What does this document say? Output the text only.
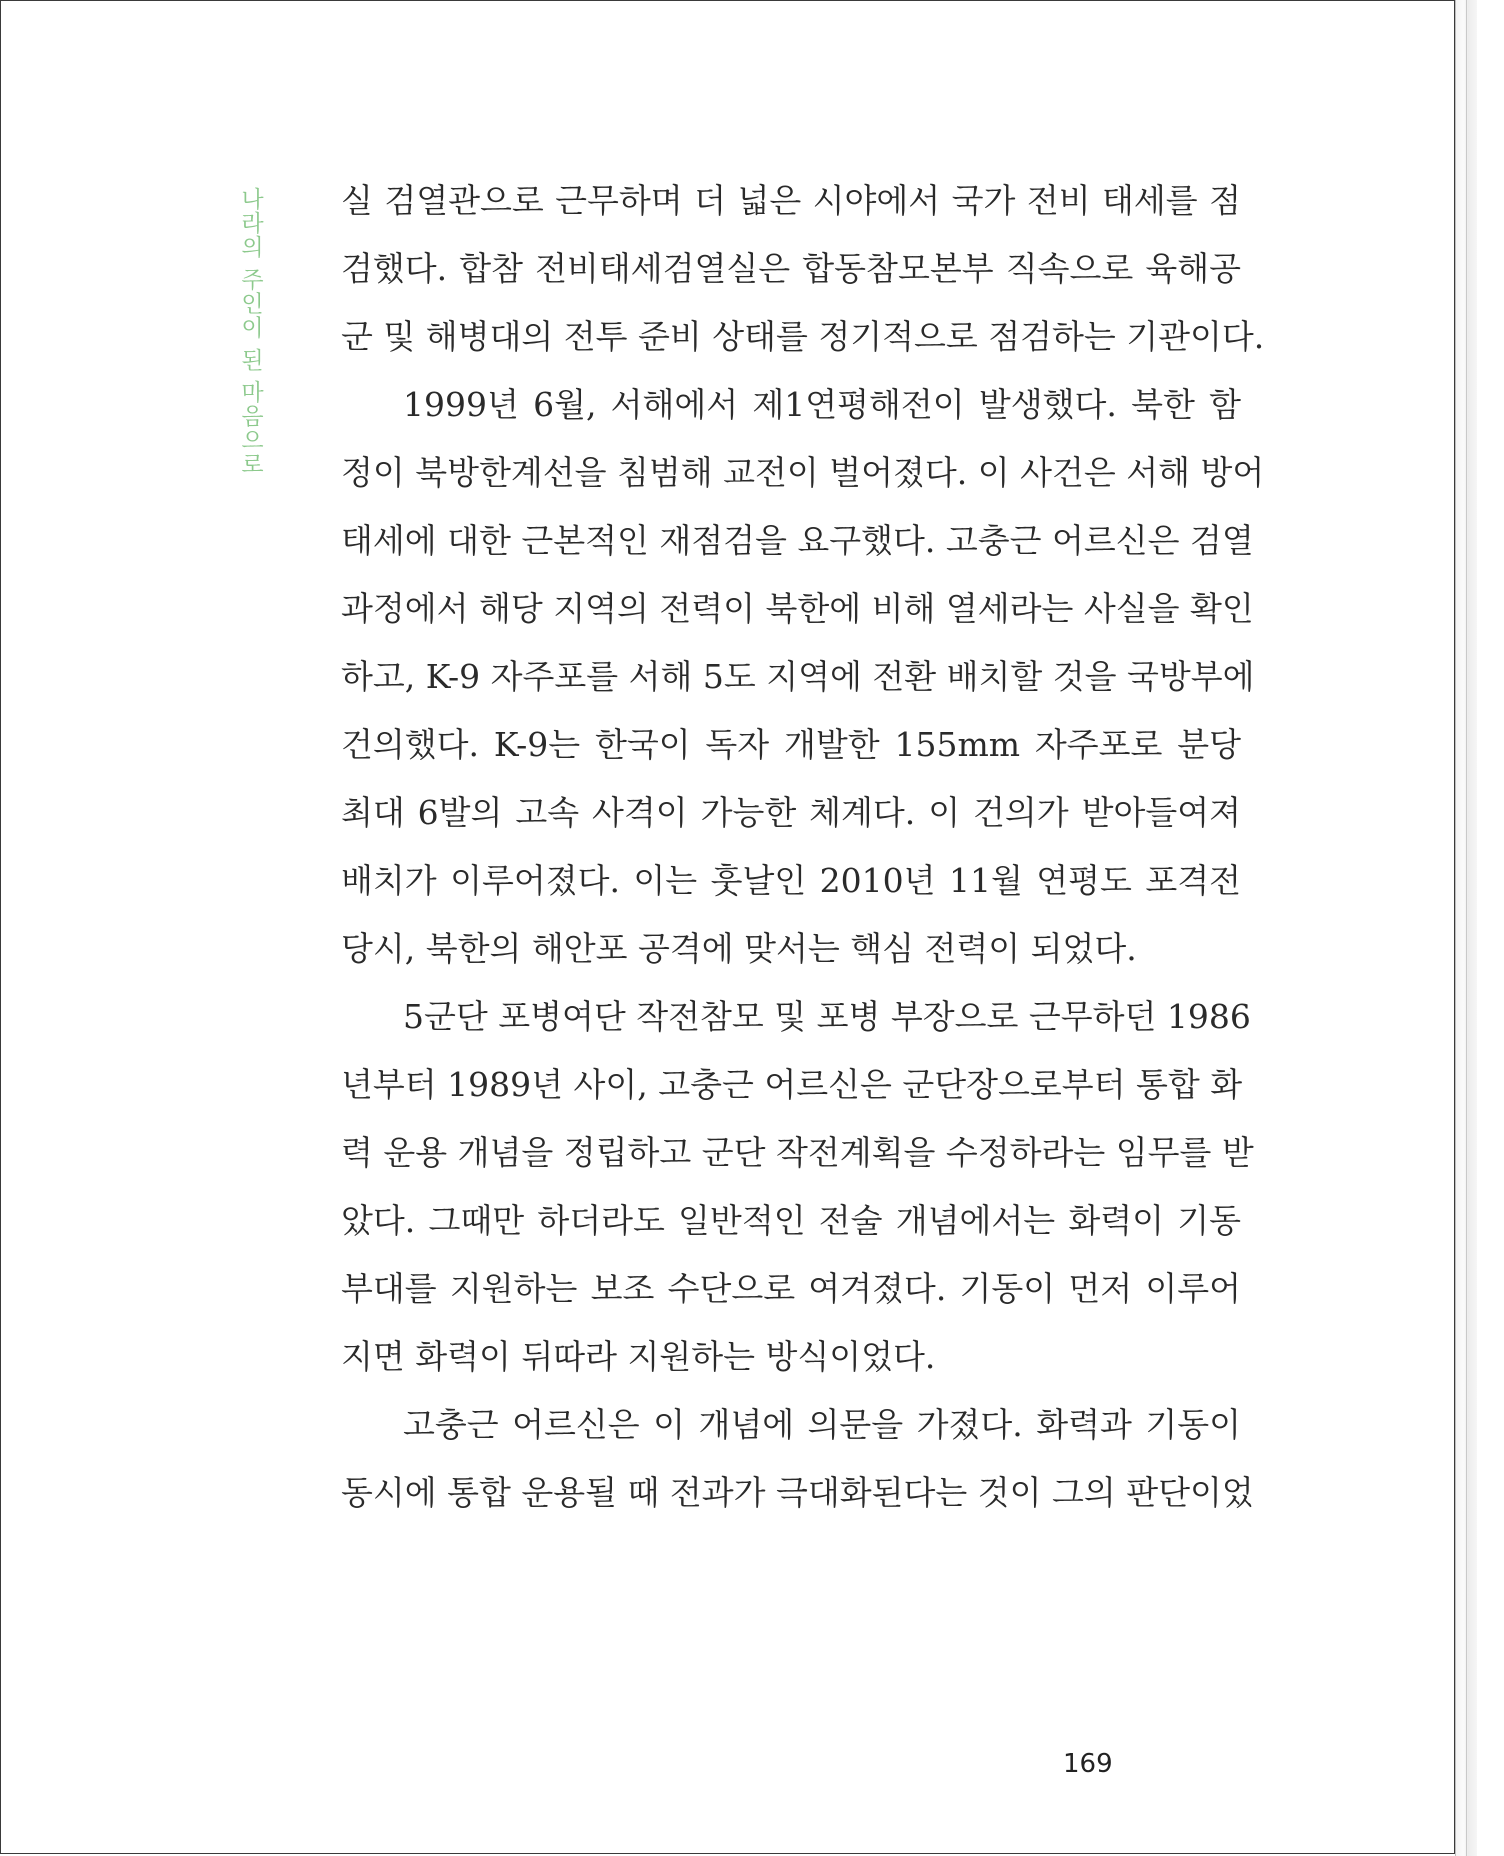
나라의 주인이 된 마음으로 실 검열관으로 근무하며 더 넓은 시야에서 국가 전비 태세를 점
검했다. 합참 전비태세검열실은 합동참모본부 직속으로 육해공
군 및 해병대의 전투 준비 상태를 정기적으로 점검하는 기관이다.
1999년 6월, 서해에서 제1연평해전이 발생했다. 북한 함
정이 북방한계선을 침범해 교전이 벌어졌다. 이 사건은 서해 방어
태세에 대한 근본적인 재점검을 요구했다. 고충근 어르신은 검열
과정에서 해당 지역의 전력이 북한에 비해 열세라는 사실을 확인
하고, K-9 자주포를 서해 5도 지역에 전환 배치할 것을 국방부에
건의했다. K-9는 한국이 독자 개발한 155mm 자주포로 분당
최대 6발의 고속 사격이 가능한 체계다. 이 건의가 받아들여져
배치가 이루어졌다. 이는 훗날인 2010년 11월 연평도 포격전
당시, 북한의 해안포 공격에 맞서는 핵심 전력이 되었다.
5군단 포병여단 작전참모 및 포병 부장으로 근무하던 1986
년부터 1989년 사이, 고충근 어르신은 군단장으로부터 통합 화
력 운용 개념을 정립하고 군단 작전계획을 수정하라는 임무를 받
았다. 그때만 하더라도 일반적인 전술 개념에서는 화력이 기동
부대를 지원하는 보조 수단으로 여겨졌다. 기동이 먼저 이루어
지면 화력이 뒤따라 지원하는 방식이었다.
고충근 어르신은 이 개념에 의문을 가졌다. 화력과 기동이
동시에 통합 운용될 때 전과가 극대화된다는 것이 그의 판단이었
169
